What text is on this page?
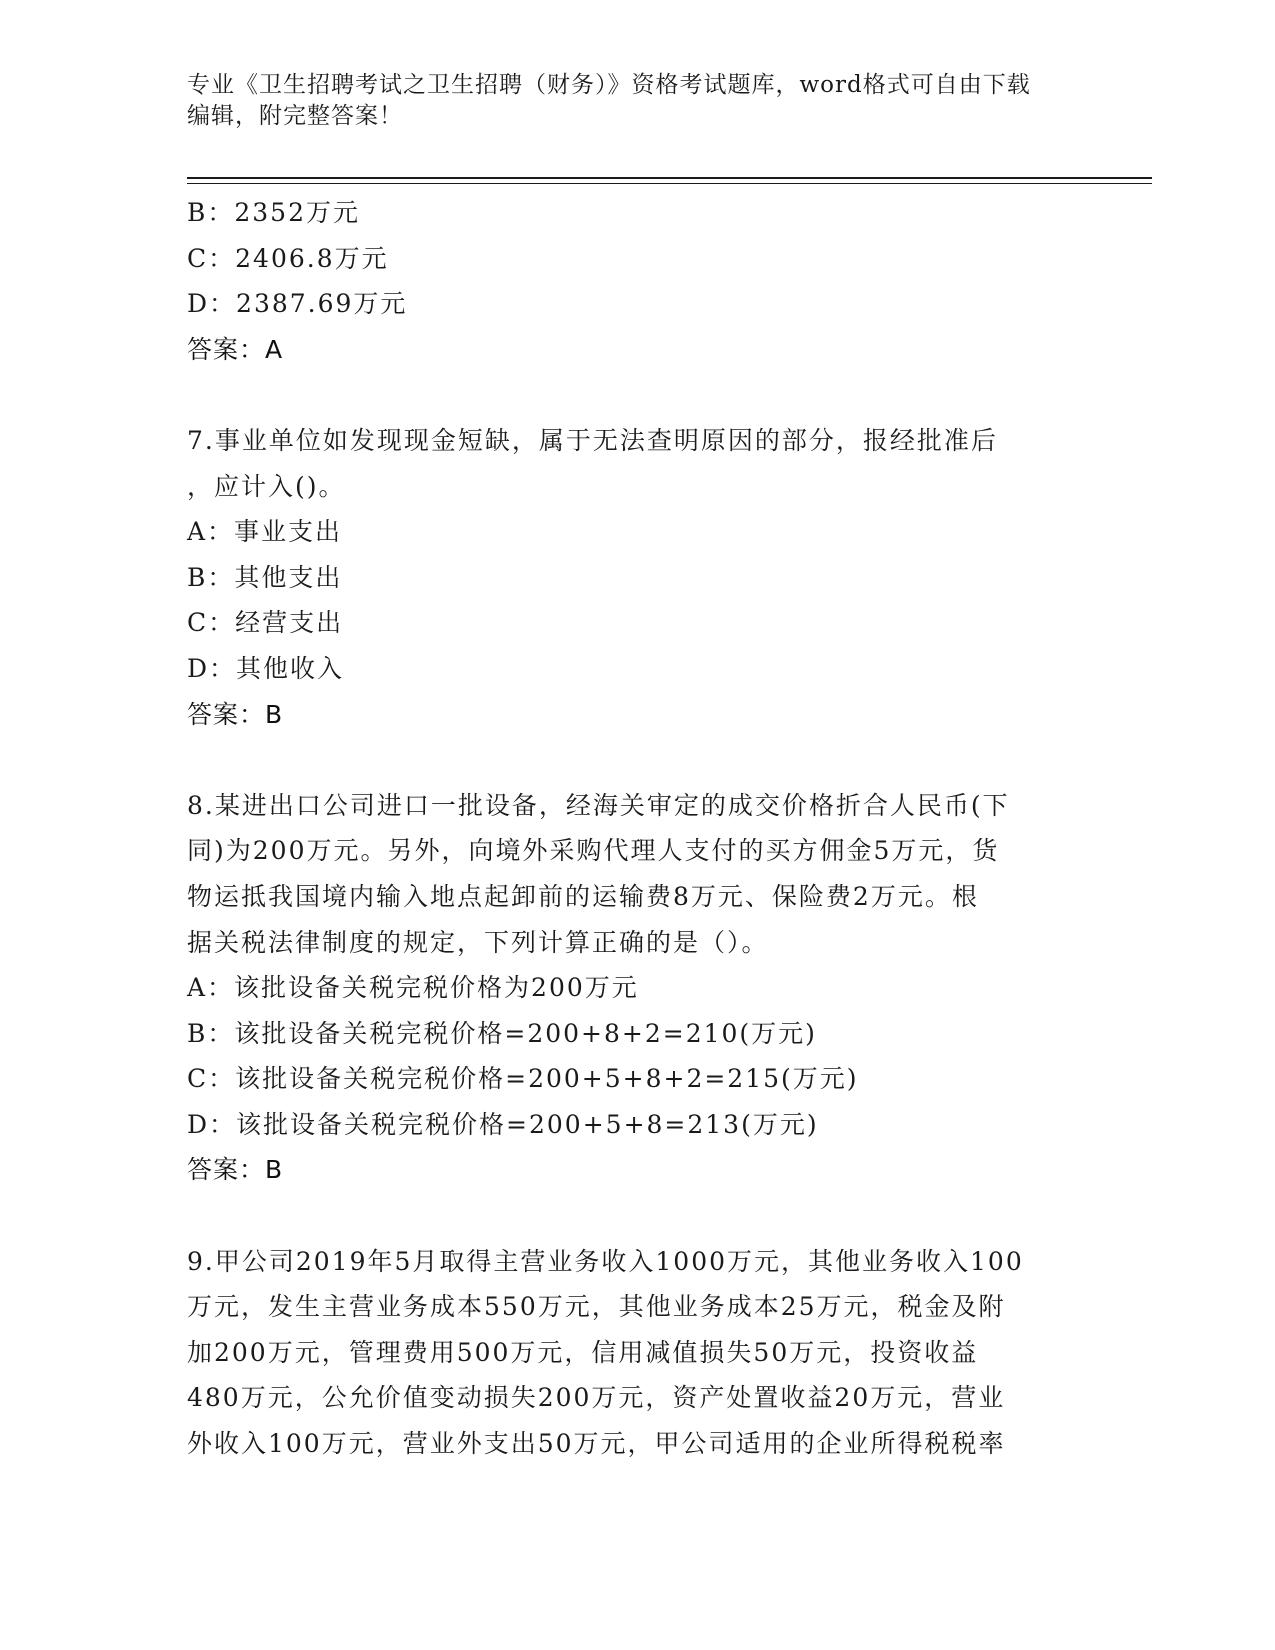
专业《卫生招聘考试之卫生招聘（财务）》资格考试题库，word格式可自由下载
编辑，附完整答案！
B：2352万元
C：2406.8万元
D：2387.69万元
答案：A
7.事业单位如发现现金短缺，属于无法查明原因的部分，报经批准后
，应计入()。
A：事业支出
B：其他支出
C：经营支出
D：其他收入
答案：B
8.某进出口公司进口一批设备，经海关审定的成交价格折合人民币(下
同)为200万元。另外，向境外采购代理人支付的买方佣金5万元，货
物运抵我国境内输入地点起卸前的运输费8万元、保险费2万元。根
据关税法律制度的规定，下列计算正确的是（）。
A：该批设备关税完税价格为200万元
B：该批设备关税完税价格=200+8+2=210(万元)
C：该批设备关税完税价格=200+5+8+2=215(万元)
D：该批设备关税完税价格=200+5+8=213(万元)
答案：B
9.甲公司2019年5月取得主营业务收入1000万元，其他业务收入100
万元，发生主营业务成本550万元，其他业务成本25万元，税金及附
加200万元，管理费用500万元，信用减值损失50万元，投资收益
480万元，公允价值变动损失200万元，资产处置收益20万元，营业
外收入100万元，营业外支出50万元，甲公司适用的企业所得税税率
